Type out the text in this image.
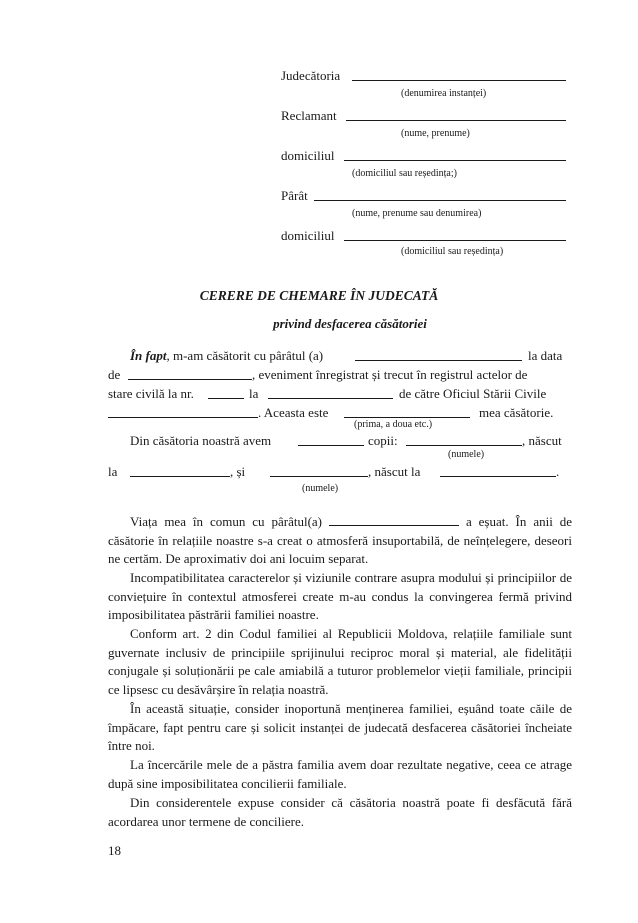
Judecătoria
(denumirea instanței)
Reclamant
(nume, prenume)
domiciliul
(domiciliul sau reședința;)
Pârât
(nume, prenume sau denumirea)
domiciliul
(domiciliul sau reședința)
CERERE DE CHEMARE ÎN JUDECATĂ
privind desfacerea căsătoriei
În fapt, m-am căsătorit cu pârâtul (a)	la data
de	, eveniment înregistrat și trecut în registrul actelor de
stare civilă la nr.	la	de către Oficiul Stării Civile
. Aceasta este	mea căsătorie.
(prima, a doua etc.)
Din căsătoria noastră avem	copii:	, născut
(numele)
la	, și	, născut la	.
(numele)

Viața mea în comun cu pârâtul(a)	a eșuat. În anii de căsătorie în relațiile noastre s-a creat o atmosferă insuportabilă, de neînțelegere, deseori ne certăm. De aproximativ doi ani locuim separat.

Incompatibilitatea caracterelor și viziunile contrare asupra modului și principiilor de conviețuire în contextul atmosferei create m-au condus la convingerea fermă privind imposibilitatea păstrării familiei noastre.

Conform art. 2 din Codul familiei al Republicii Moldova, relațiile familiale sunt guvernate inclusiv de principiile sprijinului reciproc moral și material, ale fidelității conjugale și soluționării pe cale amiabilă a tuturor problemelor vieții familiale, principii ce lipsesc cu desăvârșire în relația noastră.

În această situație, consider inoportună menținerea familiei, eșuând toate căile de împăcare, fapt pentru care și solicit instanței de judecată desfacerea căsătoriei încheiate între noi.

La încercările mele de a păstra familia avem doar rezultate negative, ceea ce atrage după sine imposibilitatea concilierii familiale.

Din considerentele expuse consider că căsătoria noastră poate fi desfăcută fără acordarea unor termene de conciliere.

18
